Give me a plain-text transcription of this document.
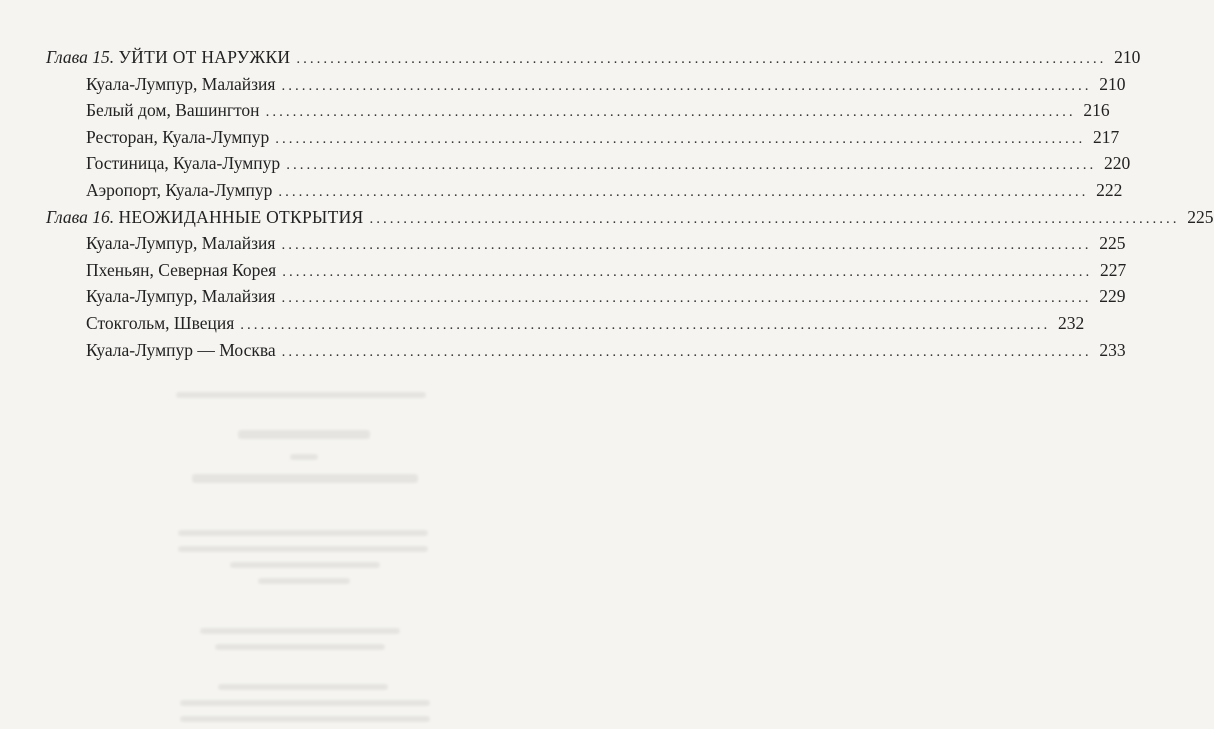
Глава 15. УЙТИ ОТ НАРУЖКИ ........................................................................................................................ 210
Куала-Лумпур, Малайзия ........................................................................................................................ 210
Белый дом, Вашингтон ........................................................................................................................ 216
Ресторан, Куала-Лумпур ........................................................................................................................ 217
Гостиница, Куала-Лумпур ........................................................................................................................ 220
Аэропорт, Куала-Лумпур ........................................................................................................................ 222
Глава 16. НЕОЖИДАННЫЕ ОТКРЫТИЯ ........................................................................................................................ 225
Куала-Лумпур, Малайзия ........................................................................................................................ 225
Пхеньян, Северная Корея ........................................................................................................................ 227
Куала-Лумпур, Малайзия ........................................................................................................................ 229
Стокгольм, Швеция ........................................................................................................................ 232
Куала-Лумпур — Москва ........................................................................................................................ 233
